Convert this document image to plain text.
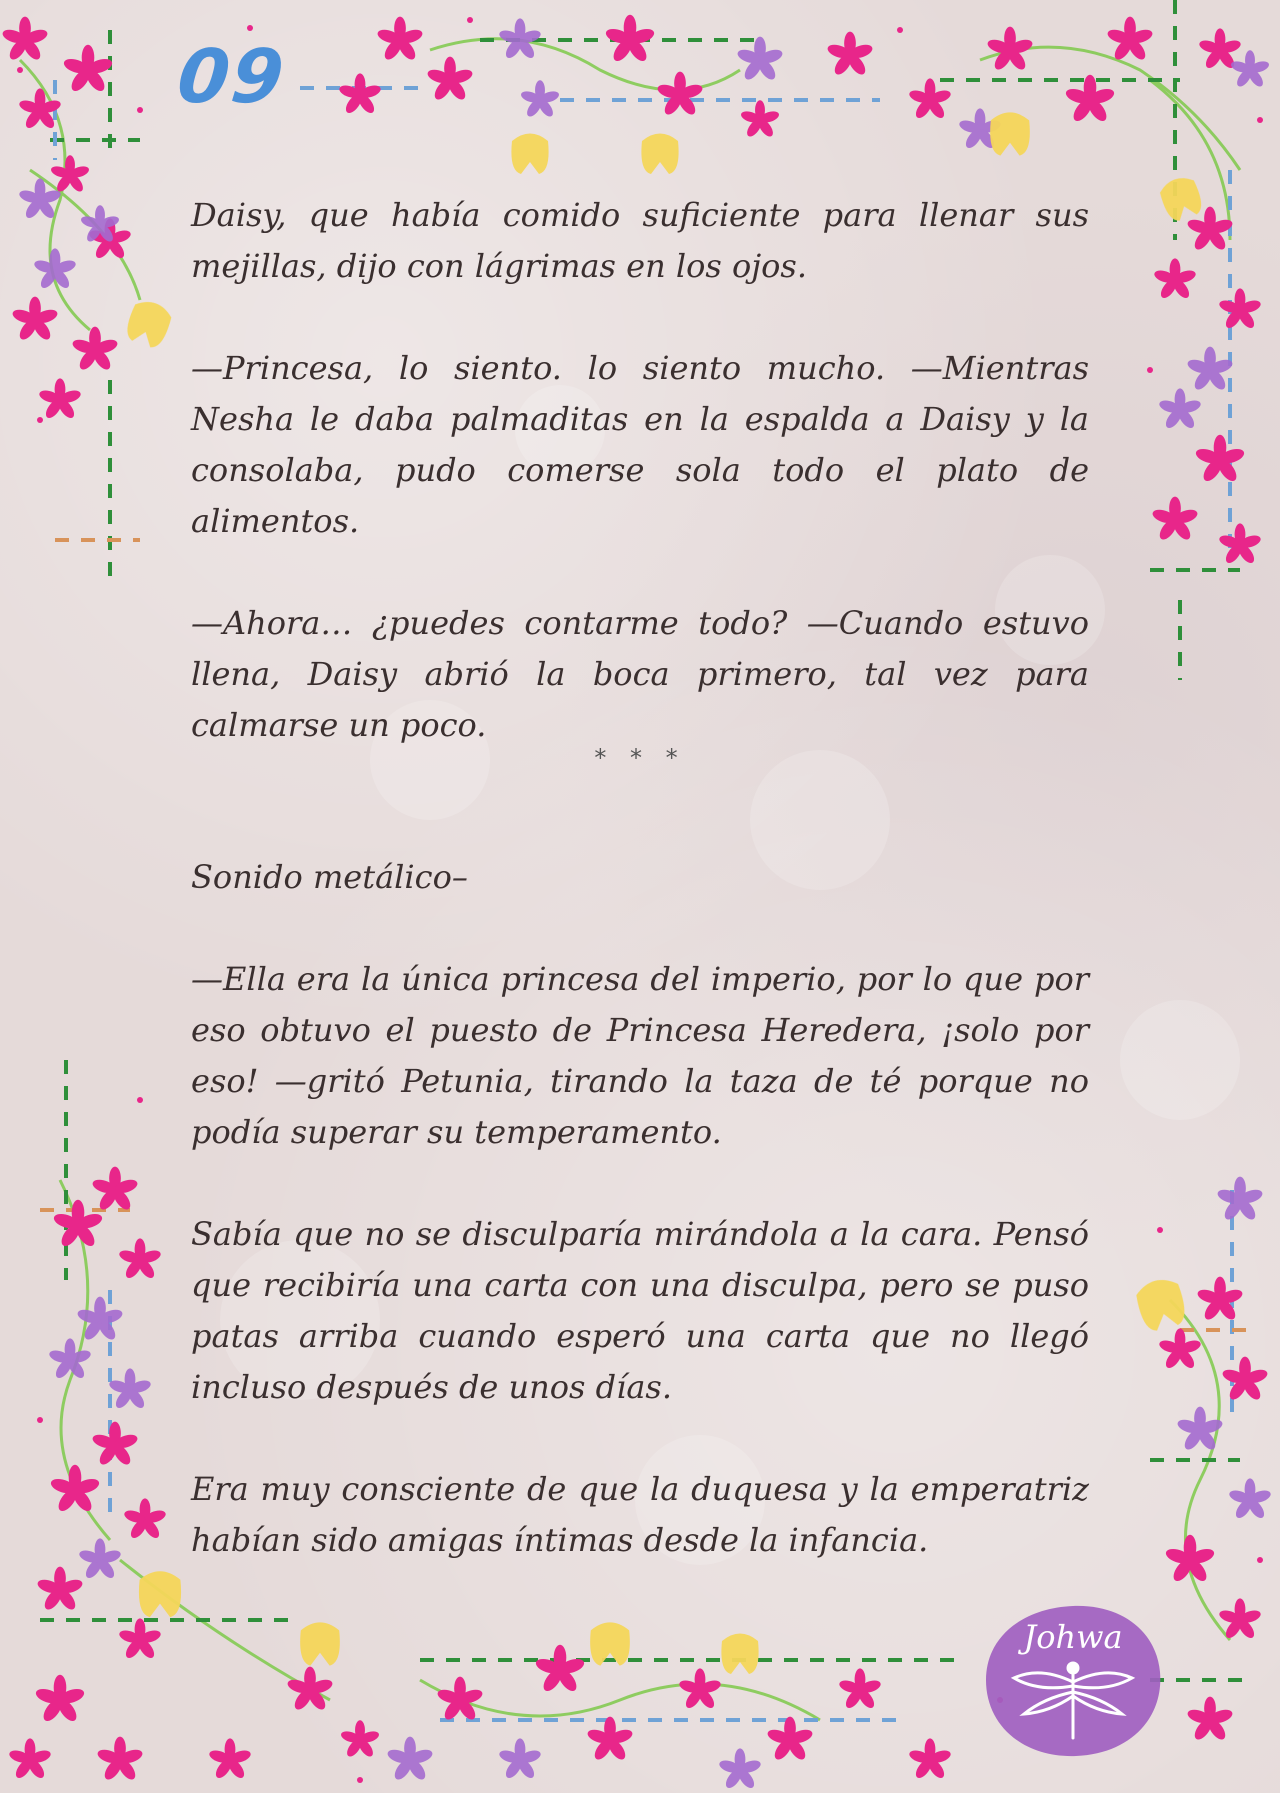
09

Daisy, que había comido suficiente para llenar sus mejillas, dijo con lágrimas en los ojos.

—Princesa, lo siento. lo siento mucho. —Mientras Nesha le daba palmaditas en la espalda a Daisy y la consolaba, pudo comerse sola todo el plato de alimentos.

—Ahora… ¿puedes contarme todo? —Cuando estuvo llena, Daisy abrió la boca primero, tal vez para calmarse un poco.

* * *

Sonido metálico–

—Ella era la única princesa del imperio, por lo que por eso obtuvo el puesto de Princesa Heredera, ¡solo por eso! —gritó Petunia, tirando la taza de té porque no podía superar su temperamento.

Sabía que no se disculparía mirándola a la cara. Pensó que recibiría una carta con una disculpa, pero se puso patas arriba cuando esperó una carta que no llegó incluso después de unos días.

Era muy consciente de que la duquesa y la emperatriz habían sido amigas íntimas desde la infancia.

Johwa
